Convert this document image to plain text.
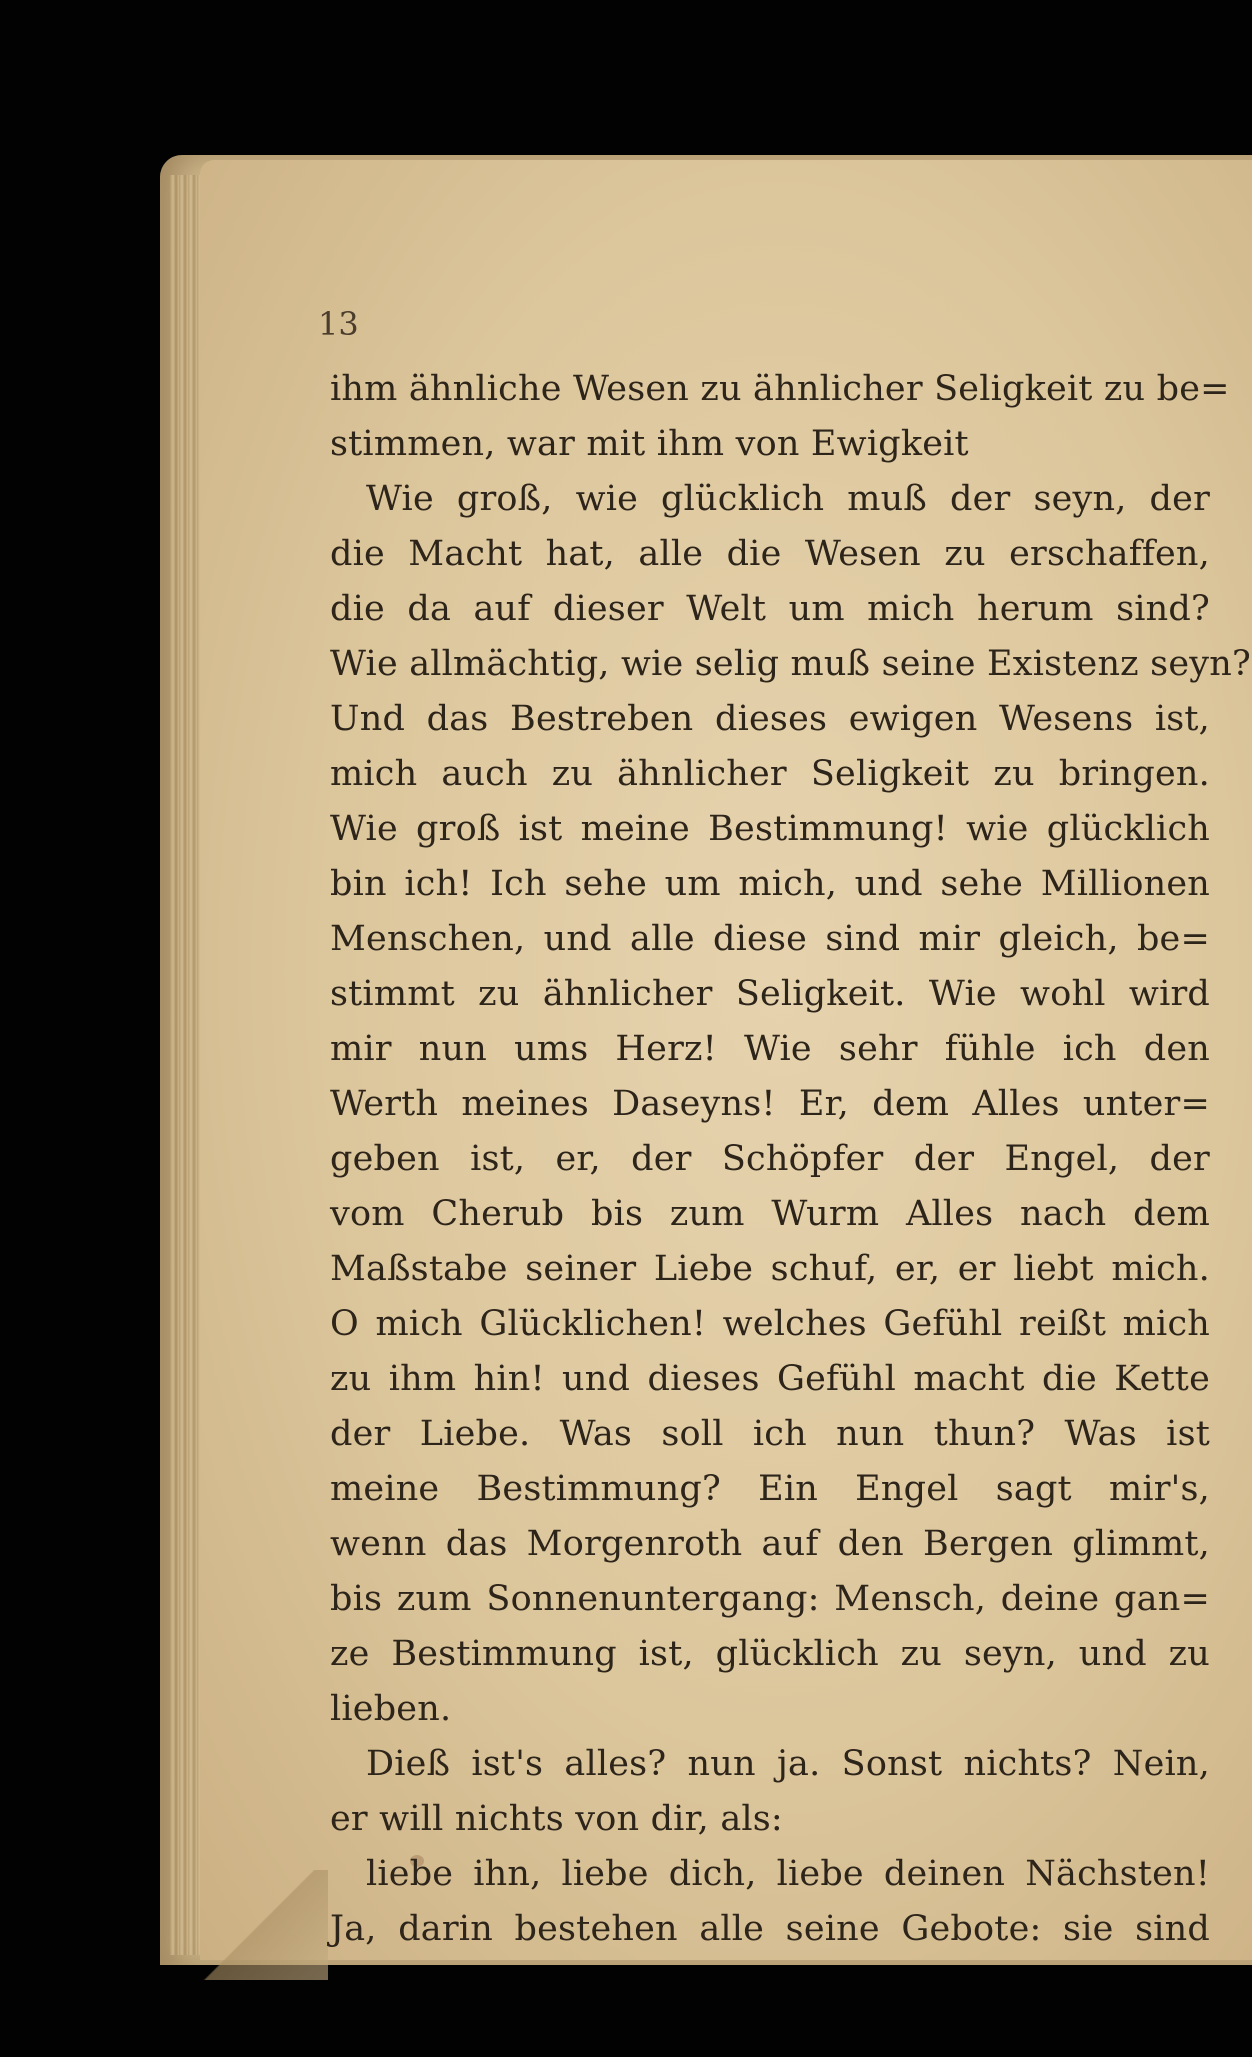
13

ihm ähnliche Wesen zu ähnlicher Seligkeit zu be=
stimmen, war mit ihm von Ewigkeit
Wie groß, wie glücklich muß der seyn, der
die Macht hat, alle die Wesen zu erschaffen,
die da auf dieser Welt um mich herum sind?
Wie allmächtig, wie selig muß seine Existenz seyn?
Und das Bestreben dieses ewigen Wesens ist,
mich auch zu ähnlicher Seligkeit zu bringen.
Wie groß ist meine Bestimmung! wie glücklich
bin ich! Ich sehe um mich, und sehe Millionen
Menschen, und alle diese sind mir gleich, be=
stimmt zu ähnlicher Seligkeit. Wie wohl wird
mir nun ums Herz! Wie sehr fühle ich den
Werth meines Daseyns! Er, dem Alles unter=
geben ist, er, der Schöpfer der Engel, der
vom Cherub bis zum Wurm Alles nach dem
Maßstabe seiner Liebe schuf, er, er liebt mich.
O mich Glücklichen! welches Gefühl reißt mich
zu ihm hin! und dieses Gefühl macht die Kette
der Liebe. Was soll ich nun thun? Was ist
meine Bestimmung? Ein Engel sagt mir's,
wenn das Morgenroth auf den Bergen glimmt,
bis zum Sonnenuntergang: Mensch, deine gan=
ze Bestimmung ist, glücklich zu seyn, und zu
lieben.
Dieß ist's alles? nun ja. Sonst nichts? Nein,
er will nichts von dir, als:
liebe ihn, liebe dich, liebe deinen Nächsten!
Ja, darin bestehen alle seine Gebote: sie sind
